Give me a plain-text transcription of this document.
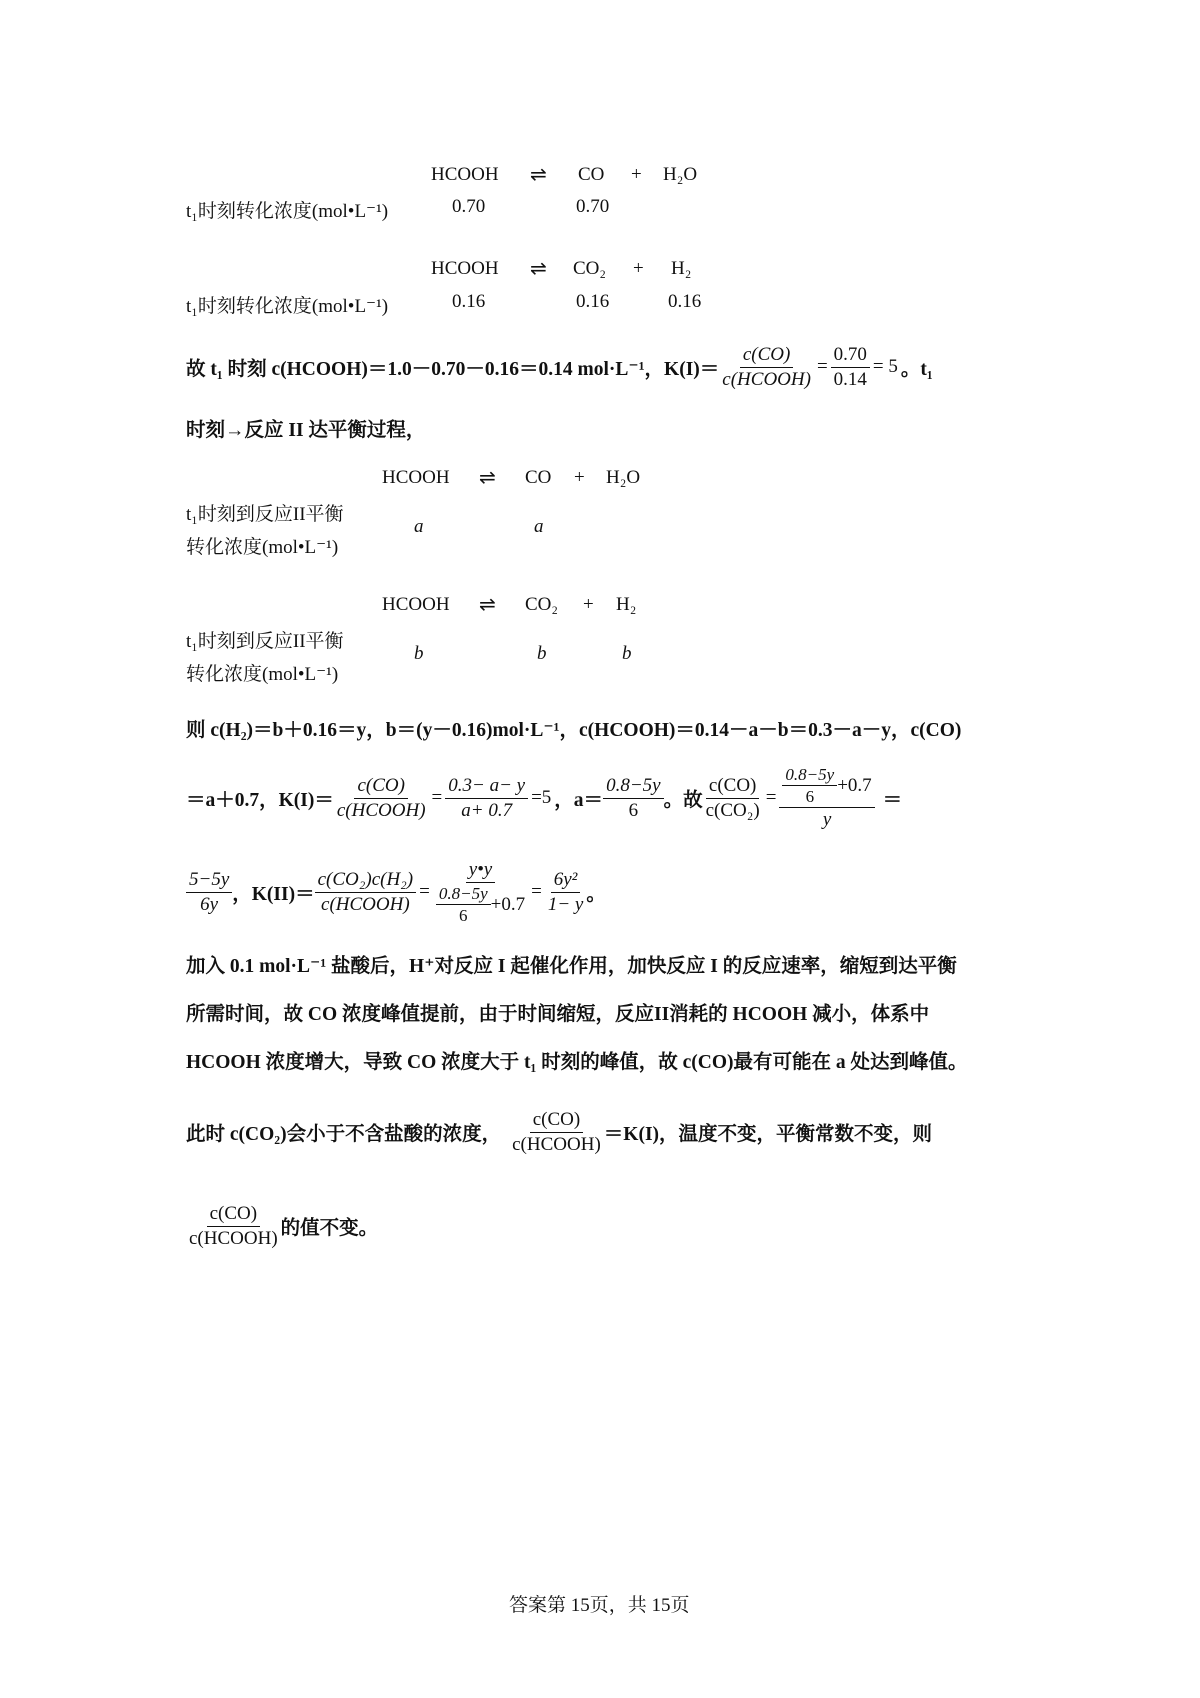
HCOOH ⇌ CO + H₂O
t₁时刻转化浓度(mol•L⁻¹)	0.70	0.70
HCOOH ⇌ CO₂ + H₂
t₁时刻转化浓度(mol•L⁻¹)	0.16	0.16	0.16
故 t₁ 时刻 c(HCOOH)＝1.0－0.70－0.16＝0.14 mol·L⁻¹，$K(I)= \frac{c(CO)}{\text{c(HCOOH)}} = \frac{0.70}{0.14} = 5$ 。t₁
时刻→反应 II 达平衡过程，
HCOOH ⇌ CO + H₂O
t₁时刻到反应II平衡
转化浓度(mol•L⁻¹)
a	a
HCOOH ⇌ CO₂ + H₂
t₁时刻到反应II平衡
转化浓度(mol•L⁻¹)
b	b	b
则 c(H₂)＝b＋0.16＝y，b＝(y－0.16)mol·L⁻¹，c(HCOOH)＝0.14－a－b＝0.3－a－y，c(CO)
＝a＋0.7，$K(I)= \frac{c(CO)}{\text{c(HCOOH)}} = \frac{0.3- a- y}{a+ 0.7} =5$ ，$a= \frac{0.8-5y}{6}$ 。故 $\frac{c(CO)}{\text{c(CO₂)}} = \frac{\frac{0.8-5y}{6} +0.7}{y}$ ＝
$\frac{5-5y}{6y}$ ，$K(II)= \frac{\text{c(CO₂)c(H₂)}}{\text{c(HCOOH)}} = \frac{y•y}{\frac{0.8-5y}{6} +0.7} = \frac{\text{6y²}}{1- y}$ 。
加入 0.1 mol·L⁻¹ 盐酸后，H⁺对反应 I 起催化作用，加快反应 I 的反应速率，缩短到达平衡
所需时间，故 CO 浓度峰值提前，由于时间缩短，反应II消耗的 HCOOH 减小，体系中
HCOOH 浓度增大，导致 CO 浓度大于 t₁ 时刻的峰值，故 c(CO)最有可能在 a 处达到峰值。
此时 c(CO₂)会小于不含盐酸的浓度， $\frac{c(CO)}{\text{c(HCOOH)}} =K(I)$，温度不变，平衡常数不变，则
$\frac{c(CO)}{\text{c(HCOOH)}}$ 的值不变。
答案第 15页，共 15页
